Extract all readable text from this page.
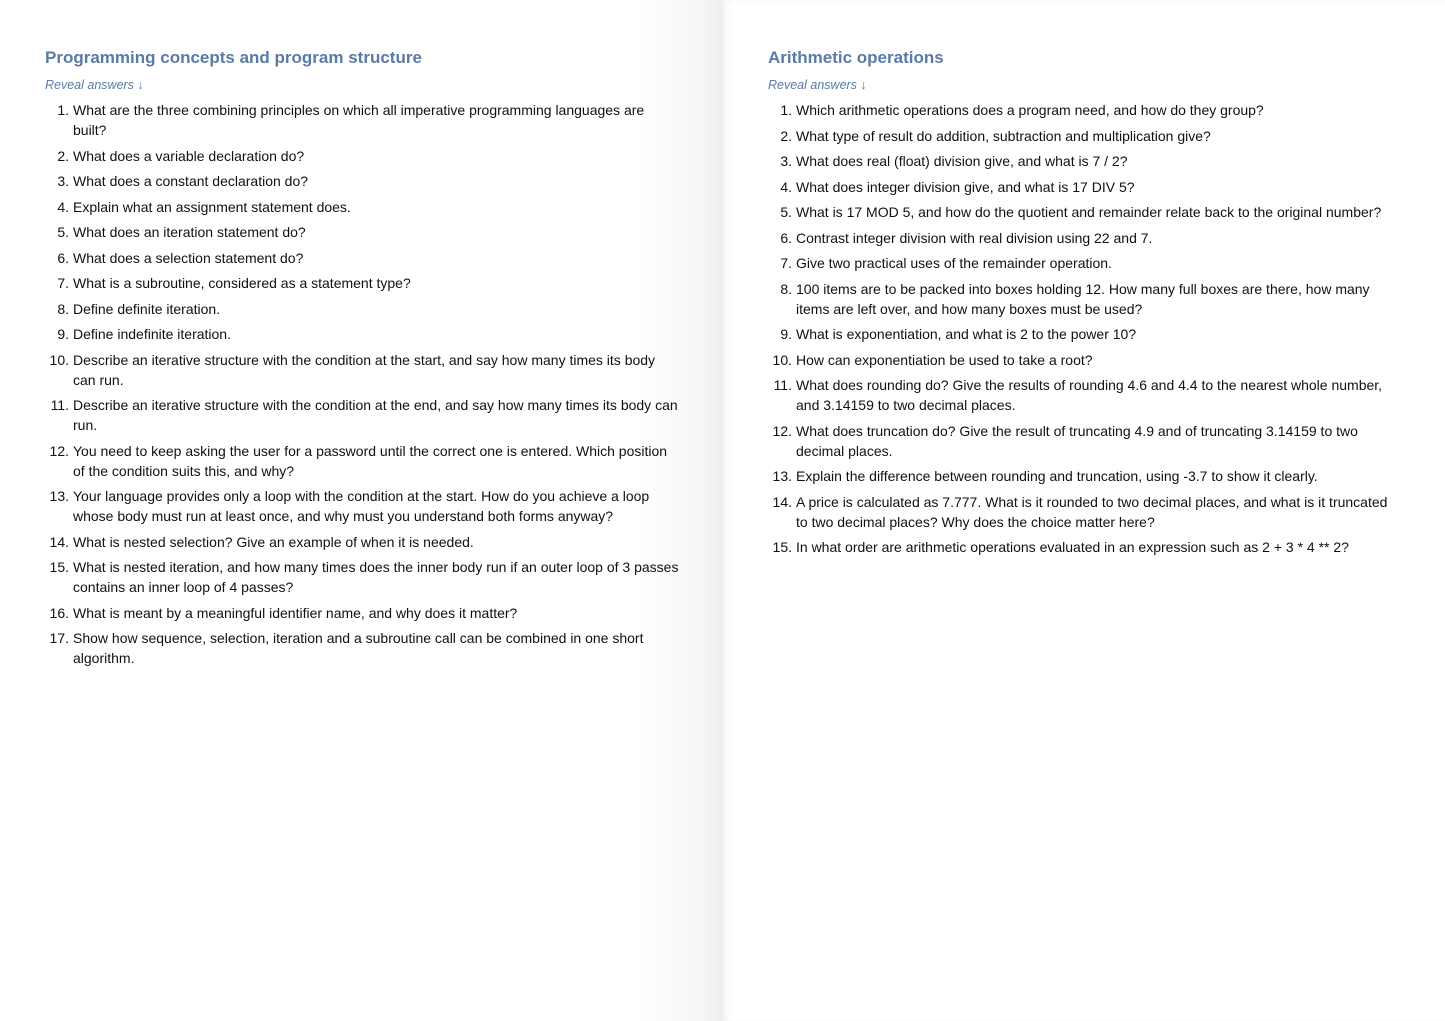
Programming concepts and program structure
Reveal answers ↓
1. What are the three combining principles on which all imperative programming languages are built?
2. What does a variable declaration do?
3. What does a constant declaration do?
4. Explain what an assignment statement does.
5. What does an iteration statement do?
6. What does a selection statement do?
7. What is a subroutine, considered as a statement type?
8. Define definite iteration.
9. Define indefinite iteration.
10. Describe an iterative structure with the condition at the start, and say how many times its body can run.
11. Describe an iterative structure with the condition at the end, and say how many times its body can run.
12. You need to keep asking the user for a password until the correct one is entered. Which position of the condition suits this, and why?
13. Your language provides only a loop with the condition at the start. How do you achieve a loop whose body must run at least once, and why must you understand both forms anyway?
14. What is nested selection? Give an example of when it is needed.
15. What is nested iteration, and how many times does the inner body run if an outer loop of 3 passes contains an inner loop of 4 passes?
16. What is meant by a meaningful identifier name, and why does it matter?
17. Show how sequence, selection, iteration and a subroutine call can be combined in one short algorithm.
Arithmetic operations
Reveal answers ↓
1. Which arithmetic operations does a program need, and how do they group?
2. What type of result do addition, subtraction and multiplication give?
3. What does real (float) division give, and what is 7 / 2?
4. What does integer division give, and what is 17 DIV 5?
5. What is 17 MOD 5, and how do the quotient and remainder relate back to the original number?
6. Contrast integer division with real division using 22 and 7.
7. Give two practical uses of the remainder operation.
8. 100 items are to be packed into boxes holding 12. How many full boxes are there, how many items are left over, and how many boxes must be used?
9. What is exponentiation, and what is 2 to the power 10?
10. How can exponentiation be used to take a root?
11. What does rounding do? Give the results of rounding 4.6 and 4.4 to the nearest whole number, and 3.14159 to two decimal places.
12. What does truncation do? Give the result of truncating 4.9 and of truncating 3.14159 to two decimal places.
13. Explain the difference between rounding and truncation, using -3.7 to show it clearly.
14. A price is calculated as 7.777. What is it rounded to two decimal places, and what is it truncated to two decimal places? Why does the choice matter here?
15. In what order are arithmetic operations evaluated in an expression such as 2 + 3 * 4 ** 2?
